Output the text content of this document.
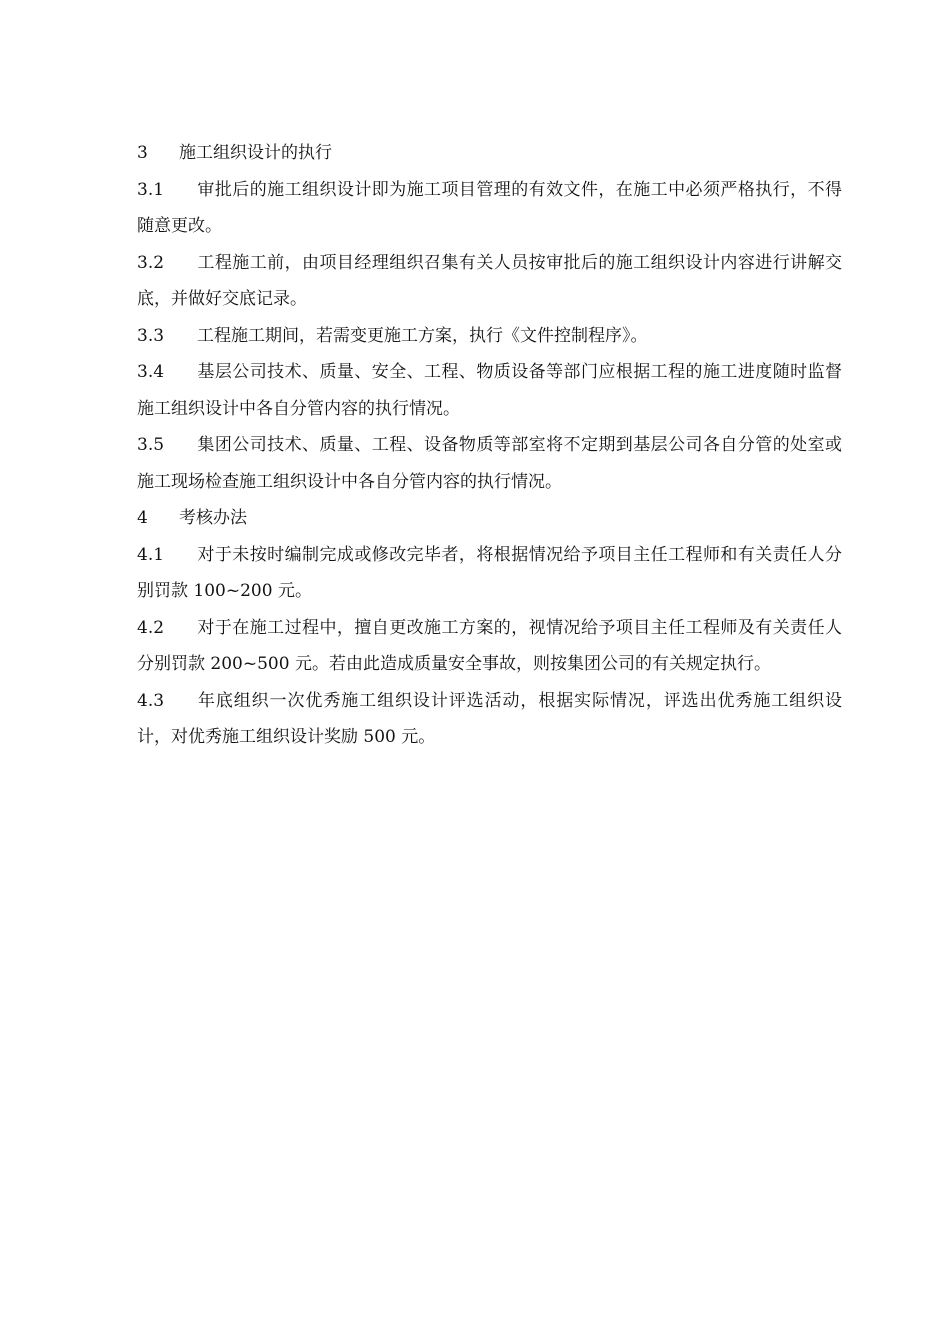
3 施工组织设计的执行

3.1 审批后的施工组织设计即为施工项目管理的有效文件，在施工中必须严格执行，不得随意更改。

3.2 工程施工前，由项目经理组织召集有关人员按审批后的施工组织设计内容进行讲解交底，并做好交底记录。

3.3 工程施工期间，若需变更施工方案，执行《文件控制程序》。

3.4 基层公司技术、质量、安全、工程、物质设备等部门应根据工程的施工进度随时监督施工组织设计中各自分管内容的执行情况。

3.5 集团公司技术、质量、工程、设备物质等部室将不定期到基层公司各自分管的处室或施工现场检查施工组织设计中各自分管内容的执行情况。

4 考核办法

4.1 对于未按时编制完成或修改完毕者，将根据情况给予项目主任工程师和有关责任人分别罚款 100~200 元。

4.2 对于在施工过程中，擅自更改施工方案的，视情况给予项目主任工程师及有关责任人分别罚款 200~500 元。若由此造成质量安全事故，则按集团公司的有关规定执行。

4.3 年底组织一次优秀施工组织设计评选活动，根据实际情况，评选出优秀施工组织设计，对优秀施工组织设计奖励 500 元。
